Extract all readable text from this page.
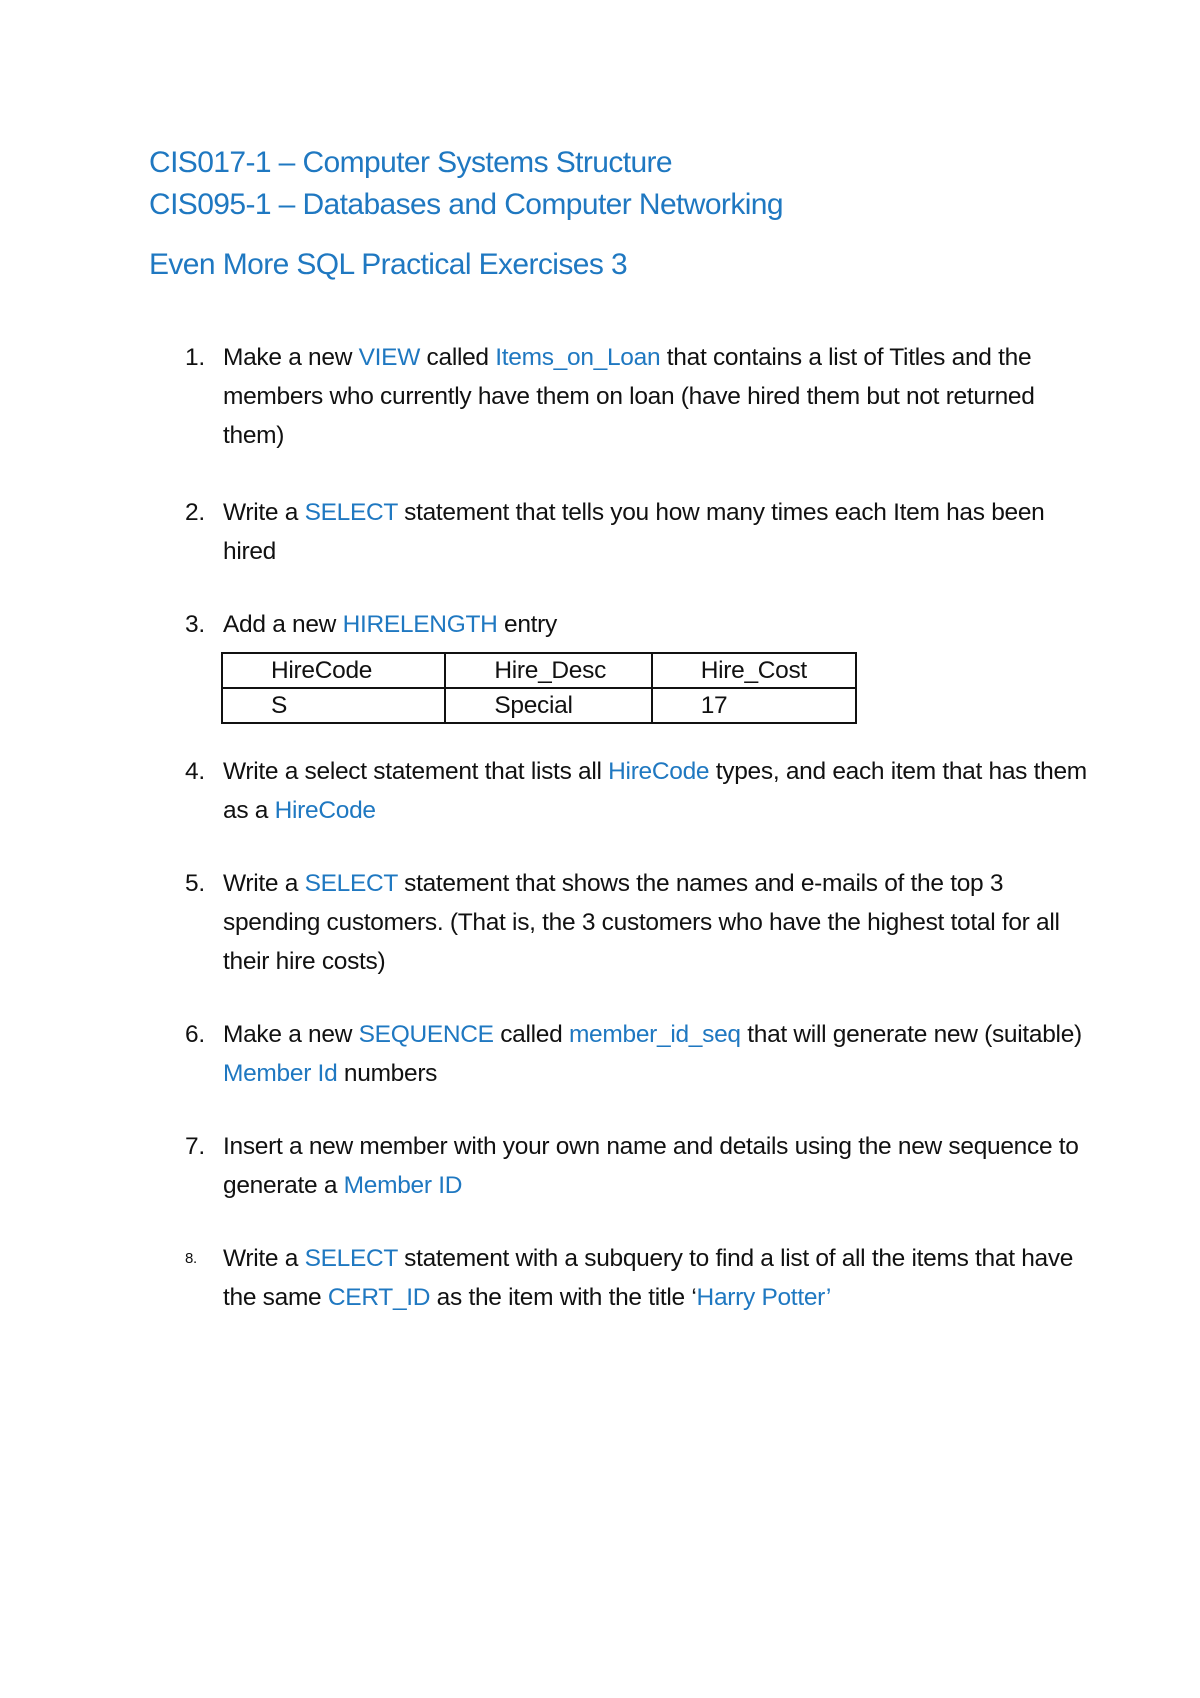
CIS017-1 – Computer Systems Structure
CIS095-1 – Databases and Computer Networking
Even More SQL Practical Exercises 3
1. Make a new VIEW called Items_on_Loan that contains a list of Titles and the members who currently have them on loan (have hired them but not returned them)
2. Write a SELECT statement that tells you how many times each Item has been hired
3. Add a new HIRELENGTH entry
HireCode	Hire_Desc	Hire_Cost
S	Special	17
4. Write a select statement that lists all HireCode types, and each item that has them as a HireCode
5. Write a SELECT statement that shows the names and e-mails of the top 3 spending customers. (That is, the 3 customers who have the highest total for all their hire costs)
6. Make a new SEQUENCE called member_id_seq that will generate new (suitable) Member Id numbers
7. Insert a new member with your own name and details using the new sequence to generate a Member ID
8. Write a SELECT statement with a subquery to find a list of all the items that have the same CERT_ID as the item with the title ‘Harry Potter’
